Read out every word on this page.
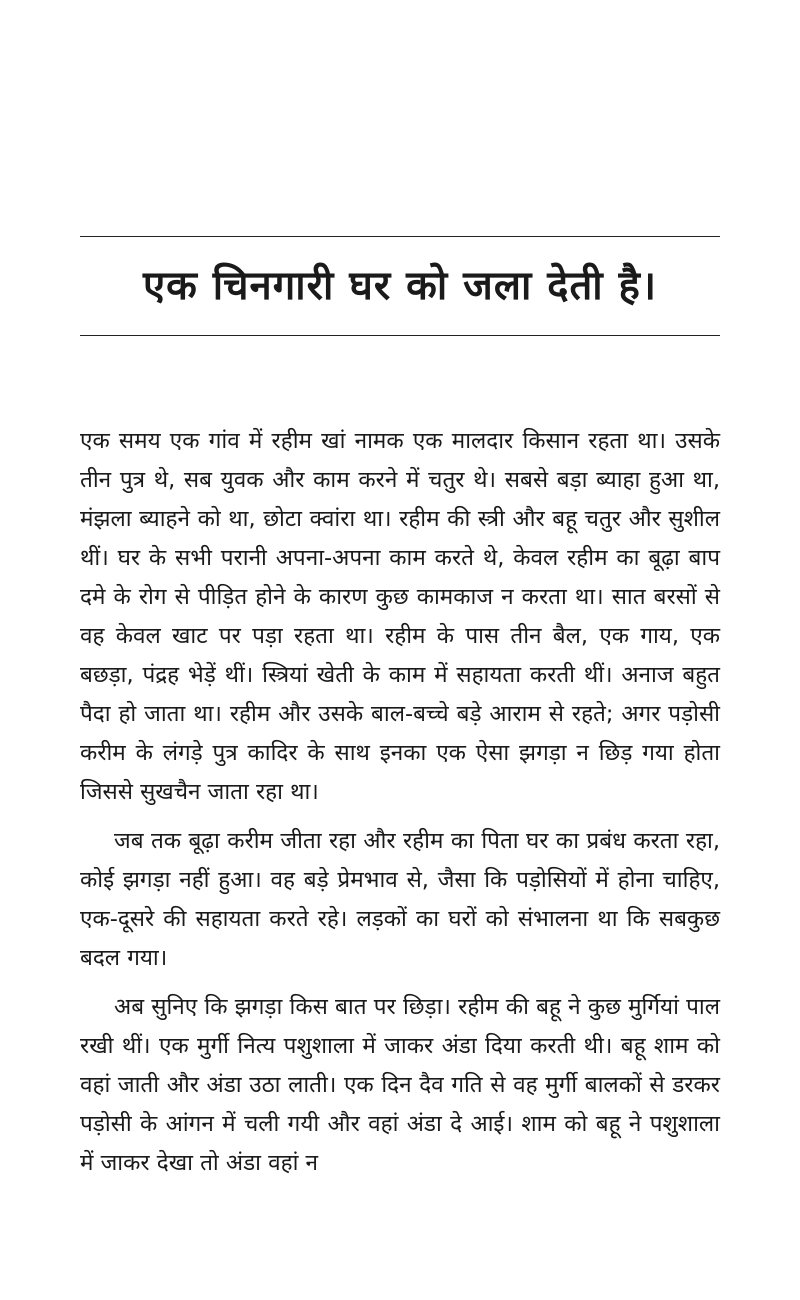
एक चिनगारी घर को जला देती है।

एक समय एक गांव में रहीम खां नामक एक मालदार किसान रहता था। उसके तीन पुत्र थे, सब युवक और काम करने में चतुर थे। सबसे बड़ा ब्याहा हुआ था, मंझला ब्याहने को था, छोटा क्वांरा था। रहीम की स्त्री और बहू चतुर और सुशील थीं। घर के सभी परानी अपना-अपना काम करते थे, केवल रहीम का बूढ़ा बाप दमे के रोग से पीड़ित होने के कारण कुछ कामकाज न करता था। सात बरसों से वह केवल खाट पर पड़ा रहता था। रहीम के पास तीन बैल, एक गाय, एक बछड़ा, पंद्रह भेड़ें थीं। स्त्रियां खेती के काम में सहायता करती थीं। अनाज बहुत पैदा हो जाता था। रहीम और उसके बाल-बच्चे बड़े आराम से रहते; अगर पड़ोसी करीम के लंगड़े पुत्र कादिर के साथ इनका एक ऐसा झगड़ा न छिड़ गया होता जिससे सुखचैन जाता रहा था।

जब तक बूढ़ा करीम जीता रहा और रहीम का पिता घर का प्रबंध करता रहा, कोई झगड़ा नहीं हुआ। वह बड़े प्रेमभाव से, जैसा कि पड़ोसियों में होना चाहिए, एक-दूसरे की सहायता करते रहे। लड़कों का घरों को संभालना था कि सबकुछ बदल गया।

अब सुनिए कि झगड़ा किस बात पर छिड़ा। रहीम की बहू ने कुछ मुर्गियां पाल रखी थीं। एक मुर्गी नित्य पशुशाला में जाकर अंडा दिया करती थी। बहू शाम को वहां जाती और अंडा उठा लाती। एक दिन दैव गति से वह मुर्गी बालकों से डरकर पड़ोसी के आंगन में चली गयी और वहां अंडा दे आई। शाम को बहू ने पशुशाला में जाकर देखा तो अंडा वहां न
